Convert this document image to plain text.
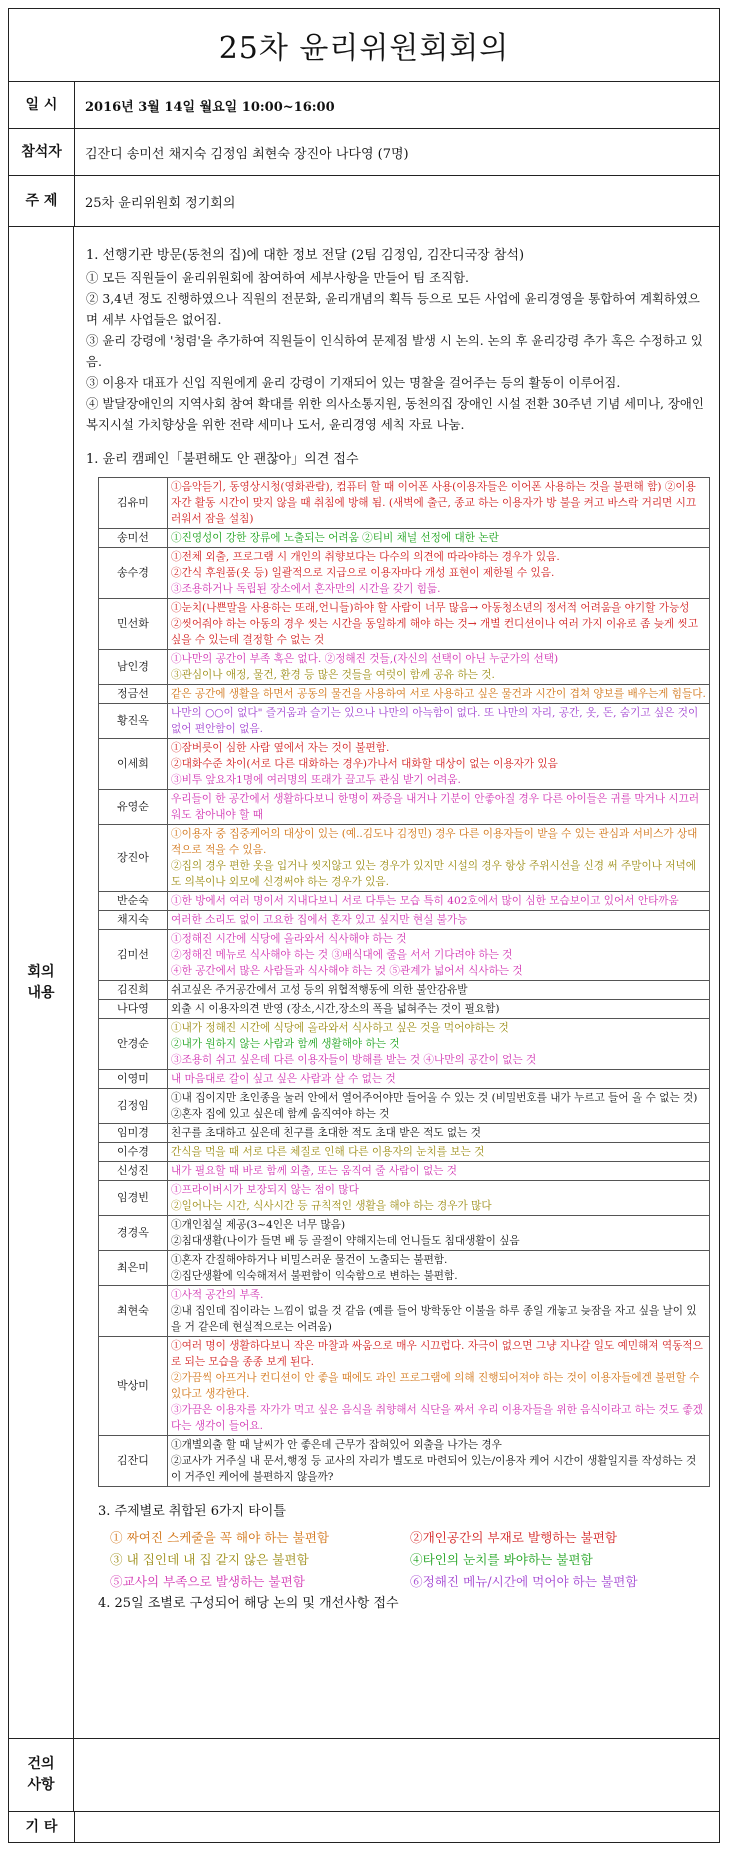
25차 윤리위원회회의
일 시	2016년 3월 14일 월요일 10:00~16:00
참석자	김잔디 송미선 채지숙 김정임 최현숙 장진아 나다영 (7명)
주 제	25차 윤리위원회 정기회의
회의 내용

1. 선행기관 방문(동천의 집)에 대한 정보 전달 (2팀 김정임, 김잔디국장 참석)

① 모든 직원들이 윤리위원회에 참여하여 세부사항을 만들어 팀 조직함.

② 3,4년 정도 진행하였으나 직원의 전문화, 윤리개념의 획득 등으로 모든 사업에 윤리경영을 통합하여 계획하였으며 세부 사업들은 없어짐.

③ 윤리 강령에 '청렴'을 추가하여 직원들이 인식하여 문제점 발생 시 논의. 논의 후 윤리강령 추가 혹은 수정하고 있음.

③ 이용자 대표가 신입 직원에게 윤리 강령이 기재되어 있는 명찰을 걸어주는 등의 활동이 이루어짐.

④ 발달장애인의 지역사회 참여 확대를 위한 의사소통지원, 동천의집 장애인 시설 전환 30주년 기념 세미나, 장애인복지시설 가치향상을 위한 전략 세미나 도서, 윤리경영 세칙 자료 나눔.

1. 윤리 캠페인「불편해도 안 괜찮아」의견 접수

김유미	①음악듣기, 동영상시청(영화관람), 컴퓨터 할 때 이어폰 사용(이용자들은 이어폰 사용하는 것을 불편해 함) ②이용자간 활동 시간이 맞지 않을 때 취침에 방해 됨. (새벽에 출근, 종교 하는 이용자가 방 불을 켜고 바스락 거리면 시끄러워서 잠을 설침)

송미선	①진영성이 강한 장류에 노출되는 어려움 ②티비 채널 선정에 대한 논란

송수경	①전체 외출, 프로그램 시 개인의 취향보다는 다수의 의견에 따라야하는 경우가 있음.
②간식 후원품(옷 등) 일괄적으로 지급으로 이용자마다 개성 표현이 제한될 수 있음.
③조용하거나 독립된 장소에서 혼자만의 시간을 갖기 힘듦.

민선화	①눈치(나쁜말을 사용하는 또래,언니들)하야 할 사람이 너무 많음→ 아동청소년의 정서적 어려움을 야기할 가능성
②씻어줘야 하는 아동의 경우 씻는 시간을 동일하게 해야 하는 것→ 개별 컨디션이나 여러 가지 이유로 좀 늦게 씻고 싶을 수 있는데 결정할 수 없는 것

남인경	①나만의 공간이 부족 혹은 없다. ②정해진 것들,(자신의 선택이 아닌 누군가의 선택)
③관심이나 애정, 물건, 환경 등 많은 것들을 여럿이 함께 공유 하는 것.

정금선	같은 공간에 생활을 하면서 공동의 물건을 사용하여 서로 사용하고 싶은 물건과 시간이 겹쳐 양보를 배우는게 힘들다.

황진옥	나만의 ○○이 없다" 즐거움과 슬기는 있으나 나만의 아늑함이 없다. 또 나만의 자리, 공간, 옷, 돈, 숨기고 싶은 것이 없어 편안함이 없음.

이세희	①잠버릇이 심한 사람 옆에서 자는 것이 불편함.
②대화수준 차이(서로 다른 대화하는 경우)가나서 대화할 대상이 없는 이용자가 있음
③비투 앞요자1명에 여러명의 또래가 끌고두 관심 받기 어려움.

유영순	우리들이 한 공간에서 생활하다보니 한명이 짜증을 내거나 기분이 안좋아질 경우 다른 아이들은 귀를 막거나 시끄러워도 참아내야 할 때

장진아	①이용자 중 집중케어의 대상이 있는 (예..김도나 김정민) 경우 다른 이용자들이 받을 수 있는 관심과 서비스가 상대적으로 적을 수 있음.
②집의 경우 편한 옷을 입거나 씻지않고 있는 경우가 있지만 시설의 경우 항상 주위시선을 신경 써 주말이나 저녁에도 의복이나 외모에 신경써야 하는 경우가 있음.

반순숙	①한 방에서 여러 명이서 지내다보니 서로 다투는 모습 특히 402호에서 많이 심한 모습보이고 있어서 안타까움

채지숙	여러한 소리도 없이 고요한 집에서 혼자 있고 싶지만 현실 불가능

김미선	①정해진 시간에 식당에 올라와서 식사해야 하는 것
②정해진 메뉴로 식사해야 하는 것 ③배식대에 줄을 서서 기다려야 하는 것
④한 공간에서 많은 사람들과 식사해야 하는 것 ⑤관계가 넓어서 식사하는 것

김진희	쉬고싶은 주거공간에서 고성 등의 위협적행동에 의한 불안감유발

나다영	외출 시 이용자의견 반영 (장소,시간,장소의 폭을 넓혀주는 것이 필요함)

안경순	①내가 정해진 시간에 식당에 올라와서 식사하고 싶은 것을 먹어야하는 것
②내가 원하지 않는 사람과 함께 생활해야 하는 것
③조용히 쉬고 싶은데 다른 이용자들이 방해를 받는 것 ④나만의 공간이 없는 것

이영미	내 마음대로 갈이 싶고 싶은 사람과 살 수 없는 것

김정임	①내 집이지만 초인종을 눌러 안에서 열어주어야만 들어올 수 있는 것 (비밀번호를 내가 누르고 들어 올 수 없는 것) ②혼자 집에 있고 싶은데 함께 움직여야 하는 것

임미경	친구를 초대하고 싶은데 친구를 초대한 적도 초대 받은 적도 없는 것

이수경	간식을 먹을 때 서로 다른 체질로 인해 다른 이용자의 눈치를 보는 것

신성진	내가 필요할 때 바로 함께 외출, 또는 움직여 줄 사람이 없는 것

임경빈	①프라이버시가 보장되지 않는 점이 많다
②일어나는 시간, 식사시간 등 규칙적인 생활을 해야 하는 경우가 많다

경경옥	①개인침실 제공(3~4인은 너무 많음)
②침대생활(나이가 들면 배 등 골절이 약해지는데 언니들도 침대생활이 싶음

최은미	①혼자 간질해야하거나 비밀스러운 물건이 노출되는 불편함.
②집단생활에 익숙해져서 불편함이 익숙함으로 변하는 불편함.

최현숙	①사적 공간의 부족.
②내 집인데 집이라는 느낌이 없을 것 같음 (예를 들어 방학동안 이불을 하루 종일 개놓고 늦잠을 자고 싶을 날이 있을 거 같은데 현실적으로는 어려움)

박상미	①여러 명이 생활하다보니 작은 마찰과 싸움으로 매우 시끄럽다. 자극이 없으면 그냥 지나갈 일도 예민해져 역동적으로 되는 모습을 종종 보게 된다.
②가끔씩 아프거나 컨디션이 안 좋을 때에도 과인 프로그램에 의해 진행되어져야 하는 것이 이용자들에겐 불편할 수 있다고 생각한다.
③가끔은 이용자를 자가가 먹고 싶은 음식을 취향해서 식단을 짜서 우리 이용자들을 위한 음식이라고 하는 것도 좋겠다는 생각이 들어요.

김잔디	①개별외출 할 때 날씨가 안 좋은데 근무가 잡혀있어 외출을 나가는 경우
②교사가 거주실 내 문서,행정 등 교사의 자리가 별도로 마련되어 있는/이용자 케어 시간이 생활일지를 작성하는 것이 거주인 케어에 불편하지 않을까?

3. 주제별로 취합된 6가지 타이틀

① 짜여진 스케줄을 꼭 해야 하는 불편함	②개인공간의 부재로 발행하는 불편함
③ 내 집인데 내 집 같지 않은 불편함	④타인의 눈치를 봐야하는 불편함
⑤교사의 부족으로 발생하는 불편함	⑥정해진 메뉴/시간에 먹어야 하는 불편함

4. 25일 조별로 구성되어 해당 논의 및 개선사항 접수

건의 사항
기 타
